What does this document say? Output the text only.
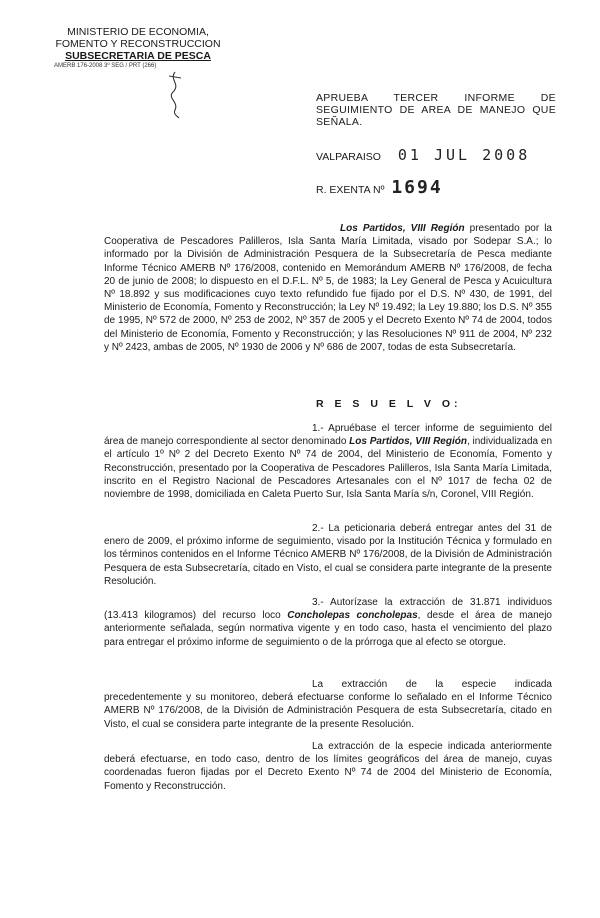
MINISTERIO DE ECONOMIA,
FOMENTO Y RECONSTRUCCION
SUBSECRETARIA DE PESCA
AMERB 176-2008 3º SEG / PRT (266)
APRUEBA TERCER INFORME DE SEGUIMIENTO DE AREA DE MANEJO QUE SEÑALA.
VALPARAISO 01 JUL 2008
R. EXENTA Nº 1694
Los Partidos, VIII Región presentado por la Cooperativa de Pescadores Palilleros, Isla Santa María Limitada, visado por Sodepar S.A.; lo informado por la División de Administración Pesquera de la Subsecretaría de Pesca mediante Informe Técnico AMERB Nº 176/2008, contenido en Memorándum AMERB Nº 176/2008, de fecha 20 de junio de 2008; lo dispuesto en el D.F.L. Nº 5, de 1983; la Ley General de Pesca y Acuicultura Nº 18.892 y sus modificaciones cuyo texto refundido fue fijado por el D.S. Nº 430, de 1991, del Ministerio de Economía, Fomento y Reconstrucción; la Ley Nº 19.492; la Ley 19.880; los D.S. Nº 355 de 1995, Nº 572 de 2000, Nº 253 de 2002, Nº 357 de 2005 y el Decreto Exento Nº 74 de 2004, todos del Ministerio de Economía, Fomento y Reconstrucción; y las Resoluciones Nº 911 de 2004, Nº 232 y Nº 2423, ambas de 2005, Nº 1930 de 2006 y Nº 686 de 2007, todas de esta Subsecretaría.
R E S U E L V O:
1.- Apruébase el tercer informe de seguimiento del área de manejo correspondiente al sector denominado Los Partidos, VIII Región, individualizada en el artículo 1º Nº 2 del Decreto Exento Nº 74 de 2004, del Ministerio de Economía, Fomento y Reconstrucción, presentado por la Cooperativa de Pescadores Palilleros, Isla Santa María Limitada, inscrito en el Registro Nacional de Pescadores Artesanales con el Nº 1017 de fecha 02 de noviembre de 1998, domiciliada en Caleta Puerto Sur, Isla Santa María s/n, Coronel, VIII Región.
2.- La peticionaria deberá entregar antes del 31 de enero de 2009, el próximo informe de seguimiento, visado por la Institución Técnica y formulado en los términos contenidos en el Informe Técnico AMERB Nº 176/2008, de la División de Administración Pesquera de esta Subsecretaría, citado en Visto, el cual se considera parte integrante de la presente Resolución.
3.- Autorízase la extracción de 31.871 individuos (13.413 kilogramos) del recurso loco Concholepas concholepas, desde el área de manejo anteriormente señalada, según normativa vigente y en todo caso, hasta el vencimiento del plazo para entregar el próximo informe de seguimiento o de la prórroga que al efecto se otorgue.
La extracción de la especie indicada precedentemente y su monitoreo, deberá efectuarse conforme lo señalado en el Informe Técnico AMERB Nº 176/2008, de la División de Administración Pesquera de esta Subsecretaría, citado en Visto, el cual se considera parte integrante de la presente Resolución.
La extracción de la especie indicada anteriormente deberá efectuarse, en todo caso, dentro de los límites geográficos del área de manejo, cuyas coordenadas fueron fijadas por el Decreto Exento Nº 74 de 2004 del Ministerio de Economía, Fomento y Reconstrucción.
